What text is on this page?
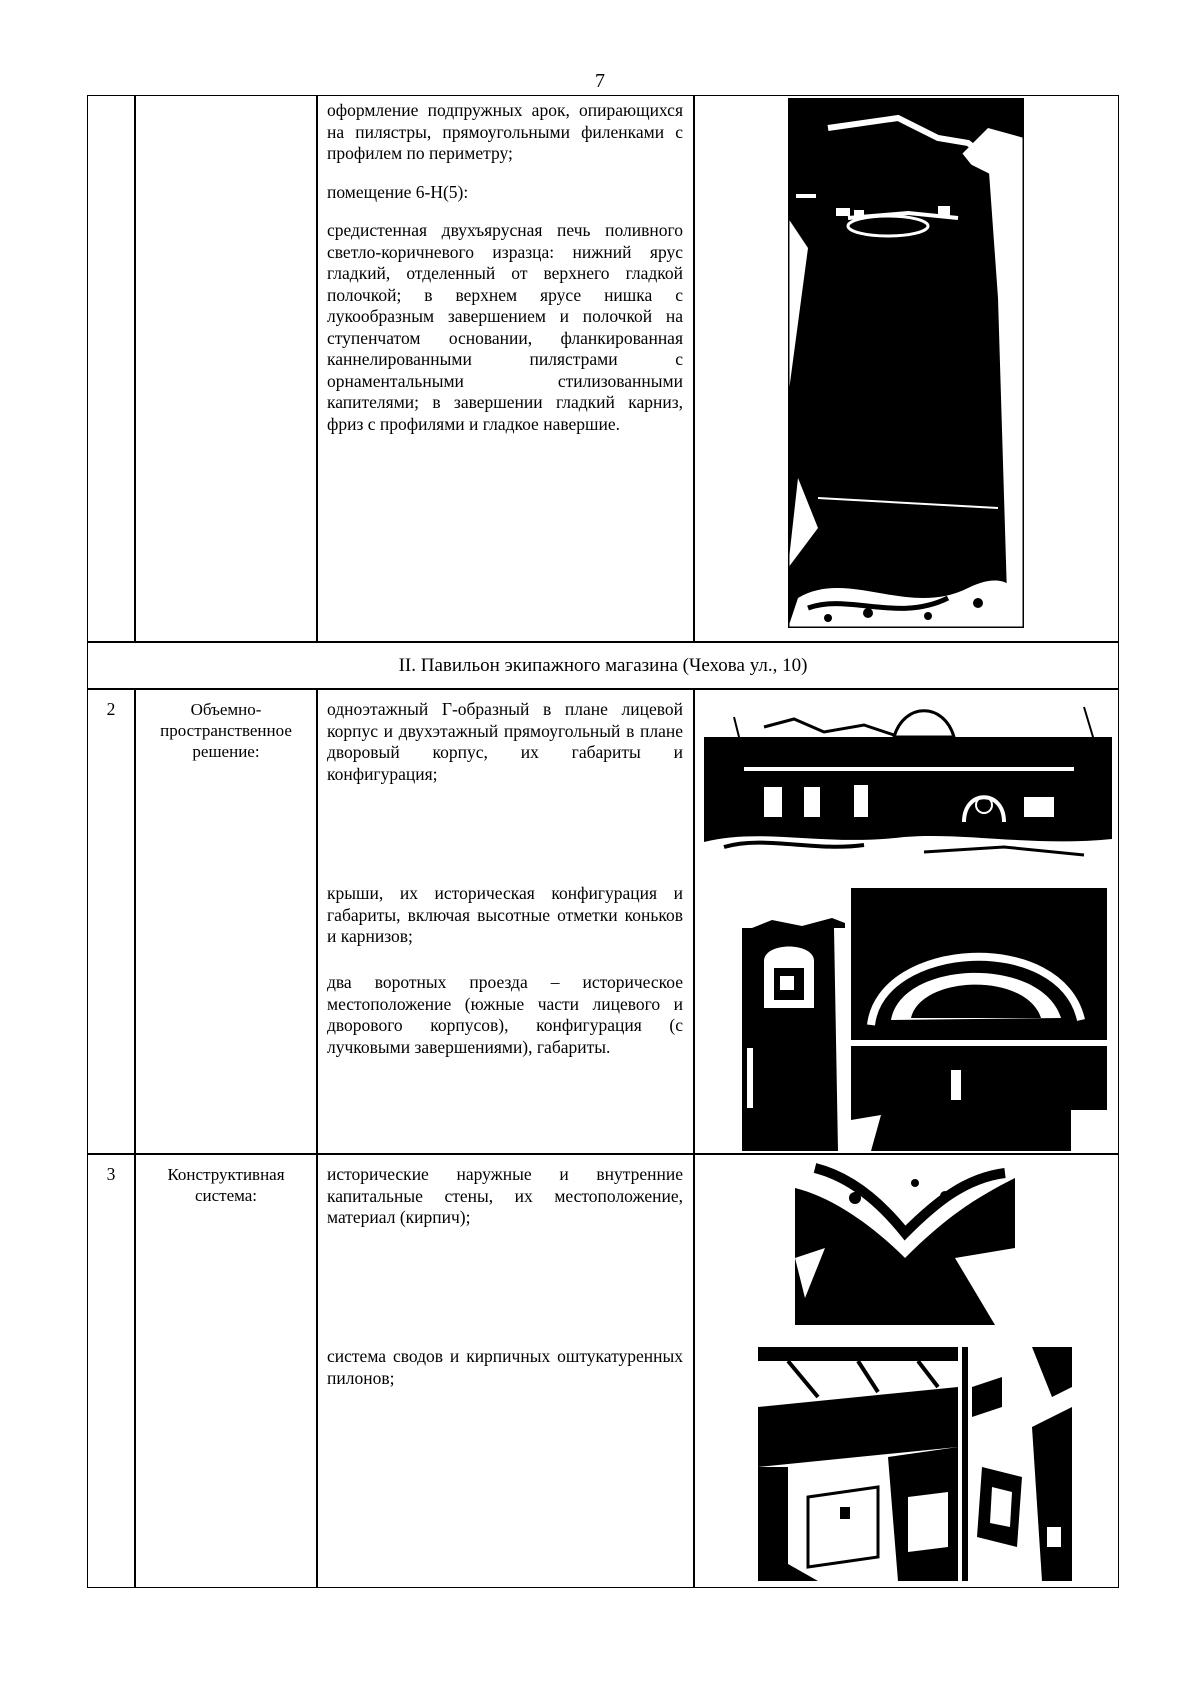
7

оформление подпружных арок, опирающихся на пилястры, прямоугольными филенками с профилем по периметру;

помещение 6-Н(5):

средистенная двухъярусная печь поливного светло-коричневого изразца: нижний ярус гладкий, отделенный от верхнего гладкой полочкой; в верхнем ярусе нишка с лукообразным завершением и полочкой на ступенчатом основании, фланкированная каннелированными пилястрами с орнаментальными стилизованными капителями; в завершении гладкий карниз, фриз с профилями и гладкое навершие.

II. Павильон экипажного магазина (Чехова ул., 10)
2	Объемно-пространственное решение:
одноэтажный Г-образный в плане лицевой корпус и двухэтажный прямоугольный в плане дворовый корпус, их габариты и конфигурация;
крыши, их историческая конфигурация и габариты, включая высотные отметки коньков и карнизов;
два воротных проезда – историческое местоположение (южные части лицевого и дворового корпусов), конфигурация (с лучковыми завершениями), габариты.
3	Конструктивная система:
исторические наружные и внутренние капитальные стены, их местоположение, материал (кирпич);
система сводов и кирпичных оштукатуренных пилонов;
